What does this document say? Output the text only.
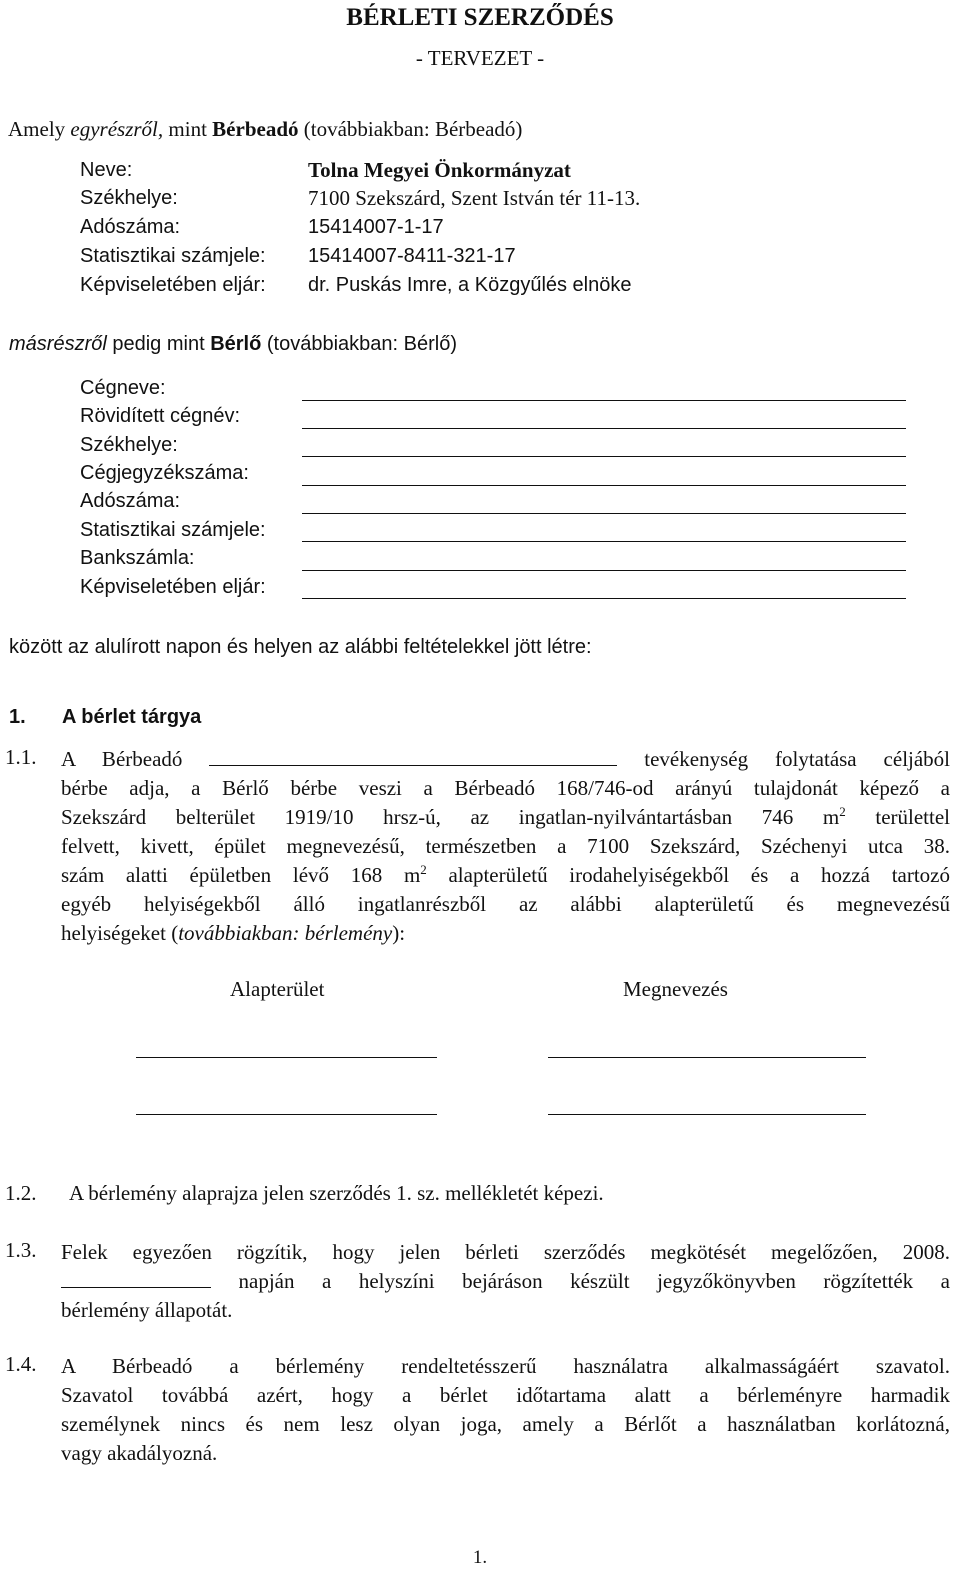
BÉRLETI SZERZŐDÉS
- TERVEZET -
Amely egyrészről, mint Bérbeadó (továbbiakban: Bérbeadó)
Neve:	Tolna Megyei Önkormányzat
Székhelye:	7100 Szekszárd, Szent István tér 11-13.
Adószáma:	15414007-1-17
Statisztikai számjele: 15414007-8411-321-17
Képviseletében eljár: dr. Puskás Imre, a Közgyűlés elnöke
másrészről pedig mint Bérlő (továbbiakban: Bérlő)
Cégneve:
Rövidített cégnév:
Székhelye:
Cégjegyzékszáma:
Adószáma:
Statisztikai számjele:
Bankszámla:
Képviseletében eljár:
között az alulírott napon és helyen az alábbi feltételekkel jött létre:
1. A bérlet tárgya
1.1. A Bérbeadó	tevékenység folytatása céljából
bérbe adja, a Bérlő bérbe veszi a Bérbeadó 168/746-od arányú tulajdonát képező a
Szekszárd belterület 1919/10 hrsz-ú, az ingatlan-nyilvántartásban 746 $m^2$ területtel
felvett, kivett, épület megnevezésű, természetben a 7100 Szekszárd, Széchenyi utca 38.
szám alatti épületben lévő 168 $m^2$ alapterületű irodahelyiségekből és a hozzá tartozó
egyéb helyiségekből álló ingatlanrészből az alábbi alapterületű és megnevezésű
helyiségeket (továbbiakban: bérlemény):
Alapterület	Megnevezés
1.2. A bérlemény alaprajza jelen szerződés 1. sz. mellékletét képezi.
1.3. Felek egyezően rögzítik, hogy jelen bérleti szerződés megkötését megelőzően, 2008.
napján a helyszíni bejáráson készült jegyzőkönyvben rögzítették a
bérlemény állapotát.
1.4. A Bérbeadó a bérlemény rendeltetésszerű használatra alkalmasságáért szavatol.
Szavatol továbbá azért, hogy a bérlet időtartama alatt a bérleményre harmadik
személynek nincs és nem lesz olyan joga, amely a Bérlőt a használatban korlátozná,
vagy akadályozná.
1.
